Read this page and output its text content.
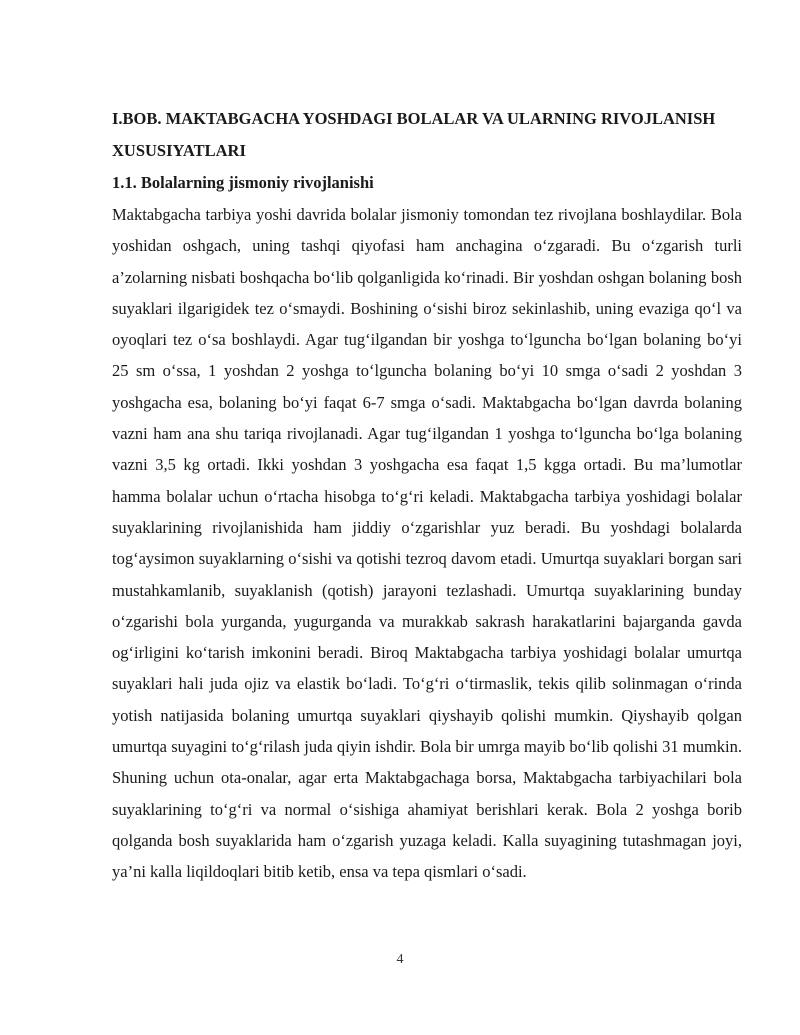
I.BOB. MAKTABGACHA YOSHDAGI BOLALAR VA ULARNING RIVOJLANISH XUSUSIYATLARI
1.1. Bolalarning jismoniy rivojlanishi

Maktabgacha tarbiya yoshi davrida bolalar jismoniy tomondan tez rivojlana boshlaydilar. Bola yoshidan oshgach, uning tashqi qiyofasi ham anchagina o‘zgaradi. Bu o‘zgarish turli a’zolarning nisbati boshqacha bo‘lib qolganligida ko‘rinadi. Bir yoshdan oshgan bolaning bosh suyaklari ilgarigidek tez o‘smaydi. Boshining o‘sishi biroz sekinlashib, uning evaziga qo‘l va oyoqlari tez o‘sa boshlaydi. Agar tug‘ilgandan bir yoshga to‘lguncha bo‘lgan bolaning bo‘yi 25 sm o‘ssa, 1 yoshdan 2 yoshga to‘lguncha bolaning bo‘yi 10 smga o‘sadi 2 yoshdan 3 yoshgacha esa, bolaning bo‘yi faqat 6-7 smga o‘sadi. Maktabgacha bo‘lgan davrda bolaning vazni ham ana shu tariqa rivojlanadi. Agar tug‘ilgandan 1 yoshga to‘lguncha bo‘lga bolaning vazni 3,5 kg ortadi. Ikki yoshdan 3 yoshgacha esa faqat 1,5 kgga ortadi. Bu ma’lumotlar hamma bolalar uchun o‘rtacha hisobga to‘g‘ri keladi. Maktabgacha tarbiya yoshidagi bolalar suyaklarining rivojlanishida ham jiddiy o‘zgarishlar yuz beradi. Bu yoshdagi bolalarda tog‘aysimon suyaklarning o‘sishi va qotishi tezroq davom etadi. Umurtqa suyaklari borgan sari mustahkamlanib, suyaklanish (qotish) jarayoni tezlashadi. Umurtqa suyaklarining bunday o‘zgarishi bola yurganda, yugurganda va murakkab sakrash harakatlarini bajarganda gavda og‘irligini ko‘tarish imkonini beradi. Biroq Maktabgacha tarbiya yoshidagi bolalar umurtqa suyaklari hali juda ojiz va elastik bo‘ladi. To‘g‘ri o‘tirmaslik, tekis qilib solinmagan o‘rinda yotish natijasida bolaning umurtqa suyaklari qiyshayib qolishi mumkin. Qiyshayib qolgan umurtqa suyagini to‘g‘rilash juda qiyin ishdir. Bola bir umrga mayib bo‘lib qolishi 31 mumkin. Shuning uchun ota-onalar, agar erta Maktabgachaga borsa, Maktabgacha tarbiyachilari bola suyaklarining to‘g‘ri va normal o‘sishiga ahamiyat berishlari kerak. Bola 2 yoshga borib qolganda bosh suyaklarida ham o‘zgarish yuzaga keladi. Kalla suyagining tutashmagan joyi, ya’ni kalla liqildoqlari bitib ketib, ensa va tepa qismlari o‘sadi.

4
